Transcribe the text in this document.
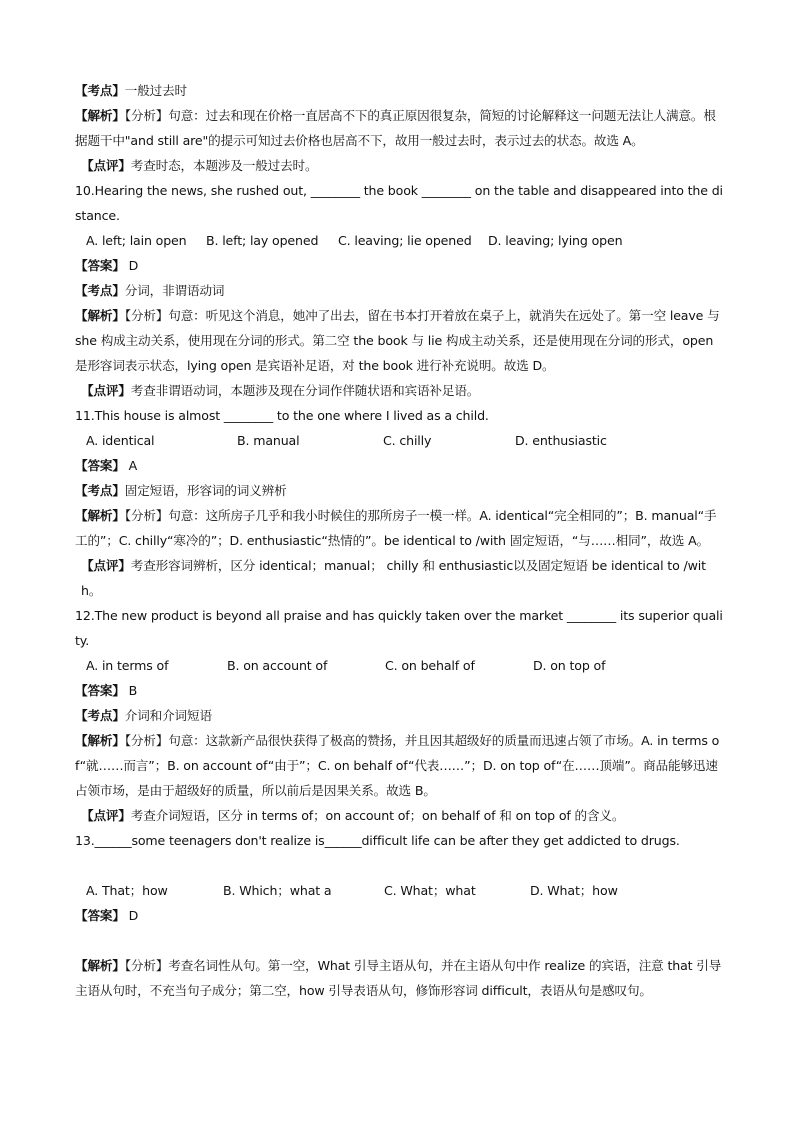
【考点】一般过去时

【解析】【分析】句意：过去和现在价格一直居高不下的真正原因很复杂，简短的讨论解释这一问题无法让人满意。根据题干中"and still are"的提示可知过去价格也居高不下，故用一般过去时，表示过去的状态。故选 A。

【点评】考查时态，本题涉及一般过去时。

10.Hearing the news, she rushed out, ________ the book ________ on the table and disappeared into the distance.

A. left; lain open	B. left; lay opened	C. leaving; lie opened	D. leaving; lying open

【答案】 D

【考点】分词，非谓语动词

【解析】【分析】句意：听见这个消息，她冲了出去，留在书本打开着放在桌子上，就消失在远处了。第一空 leave 与 she 构成主动关系，使用现在分词的形式。第二空 the book 与 lie 构成主动关系，还是使用现在分词的形式，open 是形容词表示状态，lying open 是宾语补足语，对 the book 进行补充说明。故选 D。

【点评】考查非谓语动词，本题涉及现在分词作伴随状语和宾语补足语。

11.This house is almost ________ to the one where I lived as a child.

A. identical	B. manual	C. chilly	D. enthusiastic

【答案】 A

【考点】固定短语，形容词的词义辨析

【解析】【分析】句意：这所房子几乎和我小时候住的那所房子一模一样。A. identical“完全相同的”；B. manual“手工的”；C. chilly“寒冷的”；D. enthusiastic“热情的”。be identical to /with 固定短语，“与……相同”，故选 A。

【点评】考查形容词辨析，区分 identical；manual； chilly 和 enthusiastic以及固定短语 be identical to /with。

12.The new product is beyond all praise and has quickly taken over the market ________ its superior quality.

A. in terms of	B. on account of	C. on behalf of	D. on top of

【答案】 B

【考点】介词和介词短语

【解析】【分析】句意：这款新产品很快获得了极高的赞扬，并且因其超级好的质量而迅速占领了市场。A. in terms of“就……而言”；B. on account of“由于”；C. on behalf of“代表……”；D. on top of“在……顶端”。商品能够迅速占领市场，是由于超级好的质量，所以前后是因果关系。故选 B。

【点评】考查介词短语，区分 in terms of；on account of；on behalf of 和 on top of 的含义。

13.______some teenagers don't realize is______difficult life can be after they get addicted to drugs.

A. That；how	B. Which；what a	C. What；what	D. What；how

【答案】 D

【解析】【分析】考查名词性从句。第一空，What 引导主语从句，并在主语从句中作 realize 的宾语，注意 that 引导主语从句时，不充当句子成分；第二空，how 引导表语从句，修饰形容词 difficult，表语从句是感叹句。
